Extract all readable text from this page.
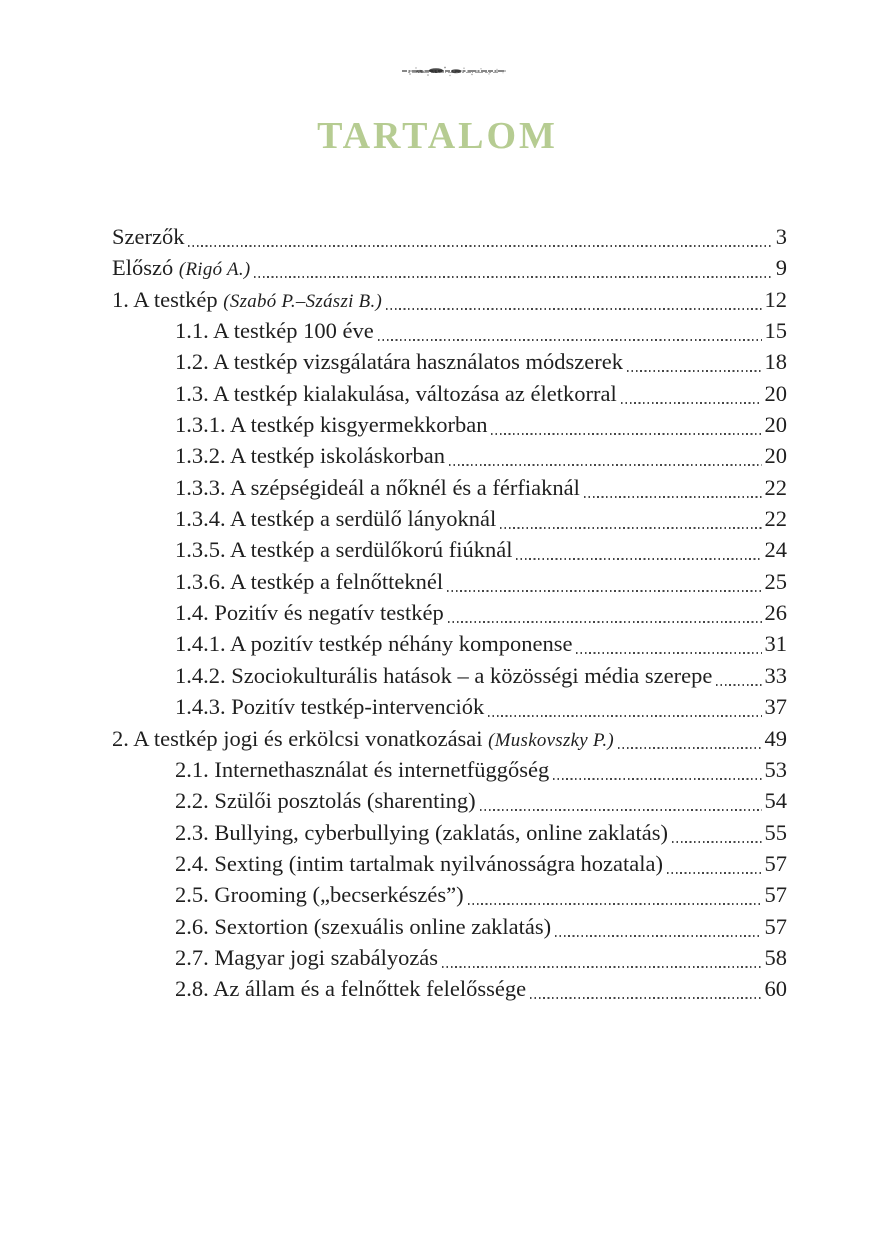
TARTALOM
Szerzők	3
Előszó (Rigó A.)	9
1. A testkép (Szabó P.–Szászi B.)	12
1.1. A testkép 100 éve	15
1.2. A testkép vizsgálatára használatos módszerek	18
1.3. A testkép kialakulása, változása az életkorral	20
1.3.1. A testkép kisgyermekkorban	20
1.3.2. A testkép iskoláskorban	20
1.3.3. A szépségideál a nőknél és a férfiaknál	22
1.3.4. A testkép a serdülő lányoknál	22
1.3.5. A testkép a serdülőkorú fiúknál	24
1.3.6. A testkép a felnőtteknél	25
1.4. Pozitív és negatív testkép	26
1.4.1. A pozitív testkép néhány komponense	31
1.4.2. Szociokulturális hatások – a közösségi média szerepe 33
1.4.3. Pozitív testkép-intervenciók	37
2. A testkép jogi és erkölcsi vonatkozásai (Muskovszky P.)	49
2.1. Internethasználat és internetfüggőség	53
2.2. Szülői posztolás (sharenting)	54
2.3. Bullying, cyberbullying (zaklatás, online zaklatás)	55
2.4. Sexting (intim tartalmak nyilvánosságra hozatala)	57
2.5. Grooming („becserkészés”)	57
2.6. Sextortion (szexuális online zaklatás)	57
2.7. Magyar jogi szabályozás	58
2.8. Az állam és a felnőttek felelőssége	60
